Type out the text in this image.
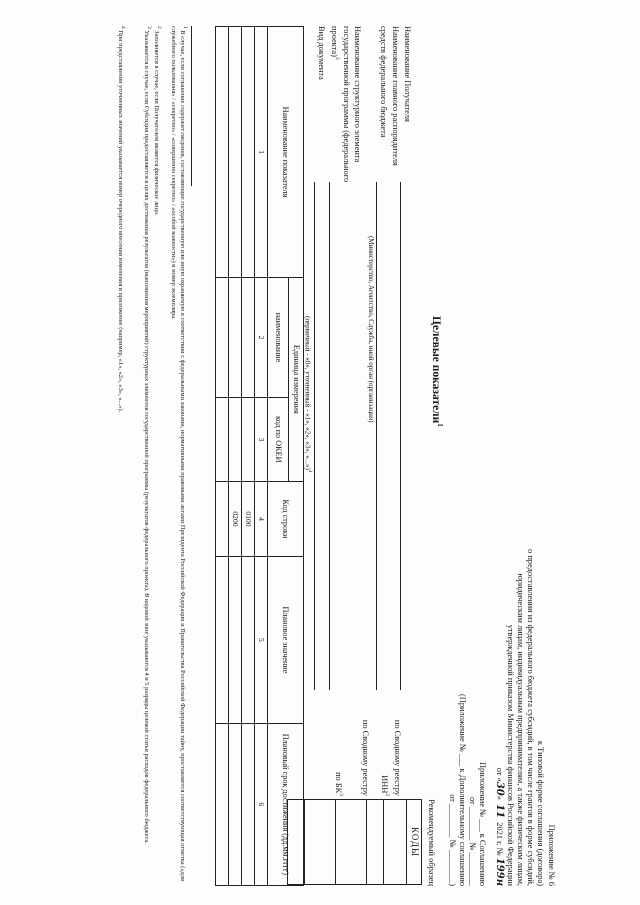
Приложение № 6
к Типовой форме соглашения (договора)
о предоставлении из федерального бюджета субсидий, в том числе грантов в форме субсидий,
юридическим лицам, индивидуальным предпринимателям, а также физическим лицам,
утвержденной приказом Министерства финансов Российской Федерации
от «30»  11  2021 г. № 199н
Приложение № ___ к Соглашению
от ________ № ________
(Приложение № ___ к Дополнительному соглашению
от ________ № ________)
Рекомендуемый образец
КОДЫ

по Сводному реестру
ИНН$^2$
по Сводному реестру
по $БК^3$
Целевые показатели$^1$
Наименование Получателя
Наименование главного распорядителя
средств федерального бюджета
(Министерство, Агентство, Служба, иной орган (организация)
Наименование структурного элемента
государственной программы (федерального
проекта)$^3$
Вид документа
(первичный - «0», уточненный - «1», «2», «3», «...»)$^4$
Наименование показателя	Единица измерения		Код строки	Плановое значение	Плановый срок достижения (дд.мм.гггг)
	наименование	код по ОКЕИ			
1	2	3	4	5	6
			0100		
			0200		

$^1$ В случае, если соглашение содержит сведения, составляющие государственную или иную охраняемую в соответствии с федеральными законами, нормативными правовыми актами Президента Российской Федерации и Правительства Российской Федерации тайну, проставляется соответствующая отметка («для служебного пользования» / «секретно» / «совершенно секретно» / «особой важности») и номер экземпляра.
$^2$ Заполняется в случае, если Получателем является физическое лицо.
$^3$ Указывается в случае, если Субсидия предоставляется в целях достижения результатов (выполнения мероприятий) структурных элементов государственной программы (результатов федерального проекта). В кодовой зоне указываются 4 и 5 разряды целевой статьи расходов федерального бюджета.
$^4$ При представлении уточненных значений указывается номер очередного внесения изменения в приложение (например, «1», «2», «3», «...»).
